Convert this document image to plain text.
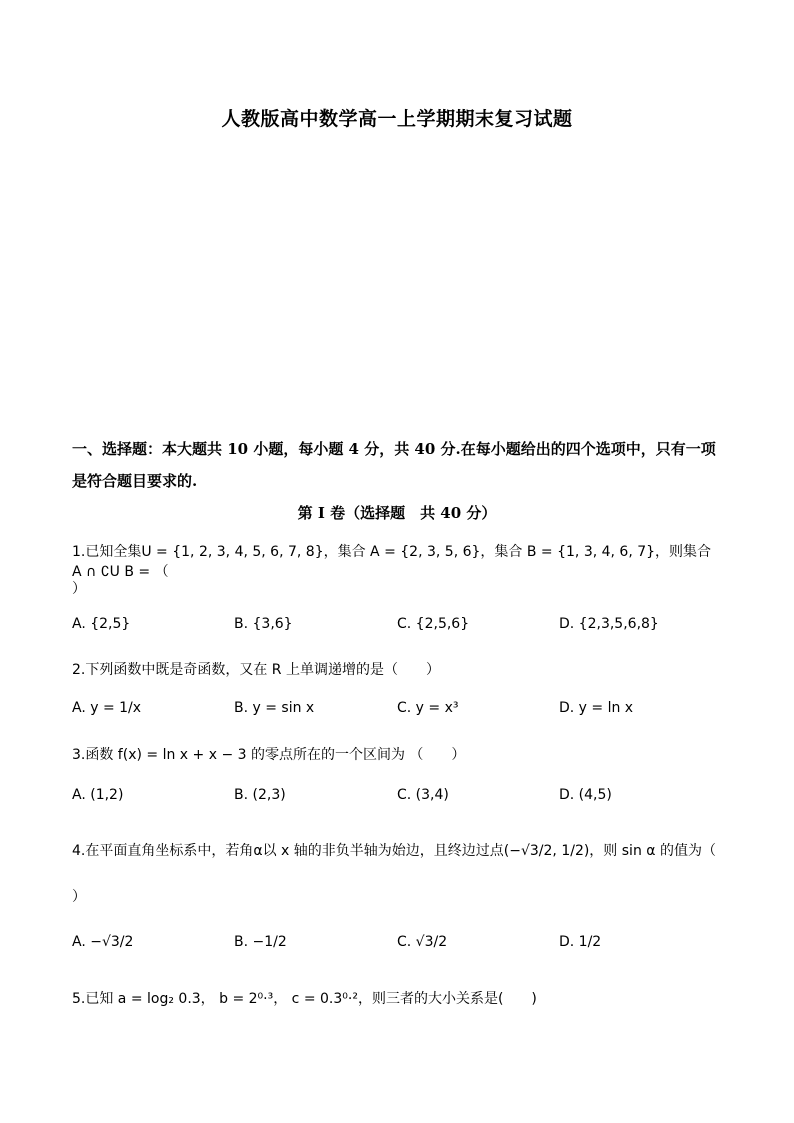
人教版高中数学高一上学期期末复习试题
一、选择题：本大题共 10 小题，每小题 4 分，共 40 分.在每小题给出的四个选项中，只有一项是符合题目要求的.
第 I 卷（选择题　共 40 分）
1.已知全集U = {1, 2, 3, 4, 5, 6, 7, 8}，集合 A = {2, 3, 5, 6}，集合 B = {1, 3, 4, 6, 7}，则集合 A ∩ ∁U B = （
）
A. {2,5}	B. {3,6}	C. {2,5,6}	D. {2,3,5,6,8}
2.下列函数中既是奇函数，又在 R 上单调递增的是（　　）
A. y = 1/x	B. y = sin x	C. y = x³	D. y = ln x
3.函数 f(x) = ln x + x − 3 的零点所在的一个区间为 （　　）
A. (1,2)	B. (2,3)	C. (3,4)	D. (4,5)
4.在平面直角坐标系中，若角α以 x 轴的非负半轴为始边，且终边过点(−√3/2, 1/2)，则 sin α 的值为（
）
A. −√3/2	B. −1/2	C. √3/2	D. 1/2
5.已知 a = log₂ 0.3， b = 2⁰·³， c = 0.3⁰·²，则三者的大小关系是(　　)
